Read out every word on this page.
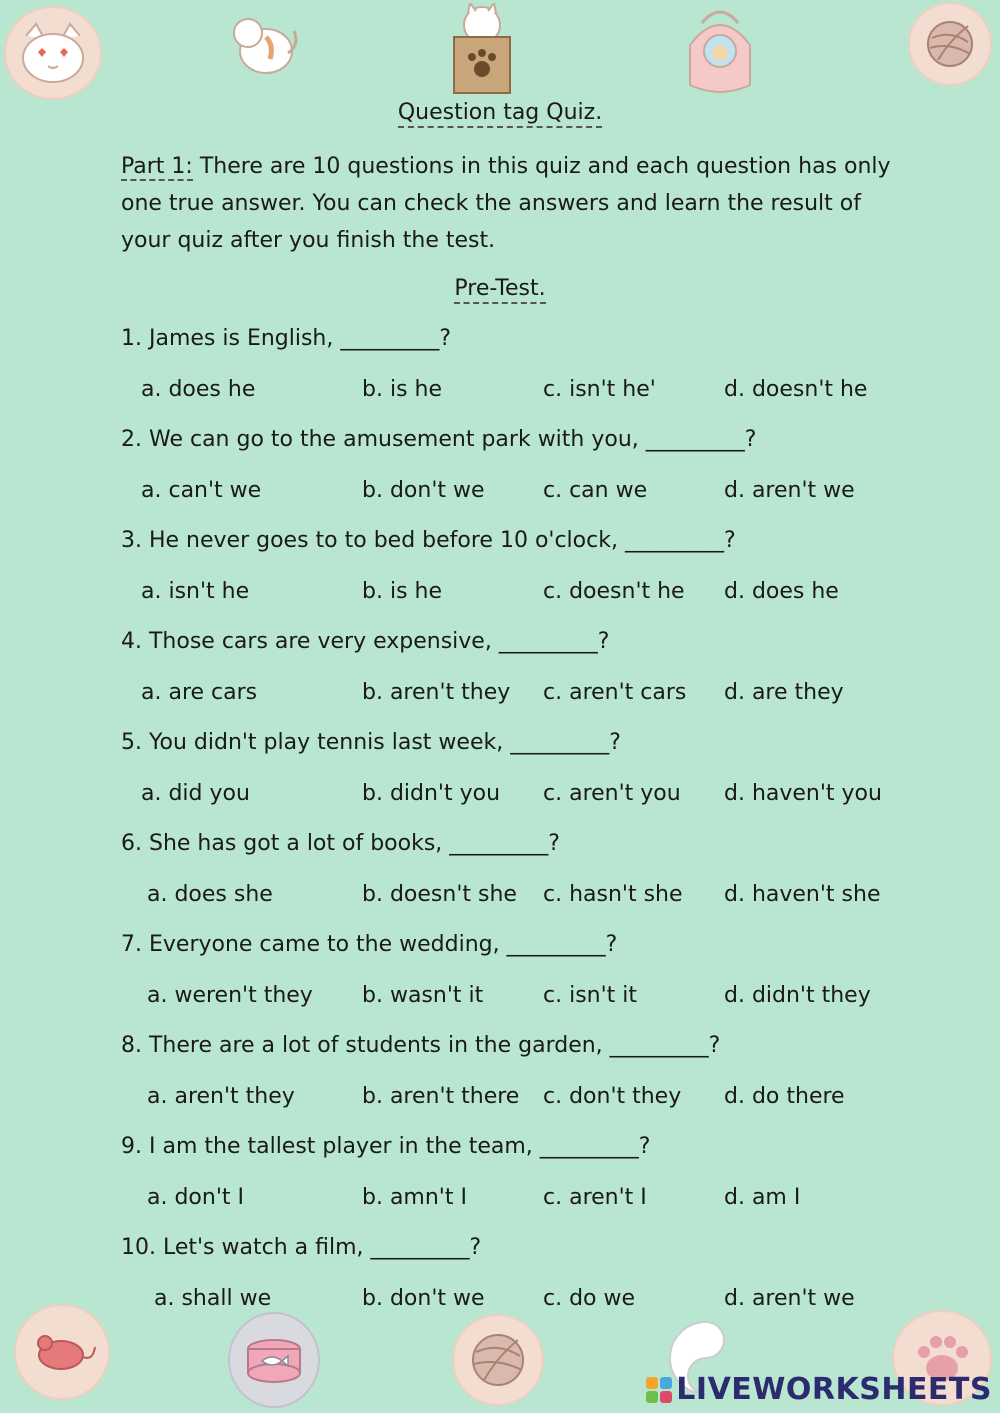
Question tag Quiz.
Part 1: There are 10 questions in this quiz and each question has only one true answer. You can check the answers and learn the result of your quiz after you finish the test.
Pre-Test.
1. James is English, _________?
a. does he	b. is he	c. isn't he'	d. doesn't he
2. We can go to the amusement park with you, _________?
a. can't we	b. don't we	c. can we	d. aren't we
3. He never goes to to bed before 10 o'clock, _________?
a. isn't he	b. is he	c. doesn't he d. does he
4. Those cars are very expensive, _________?
a. are cars	b. aren't they c. aren't cars d. are they
5. You didn't play tennis last week, _________?
a. did you	b. didn't you c. aren't you d. haven't you
6. She has got a lot of books, _________?
a. does she	b. doesn't she c. hasn't she d. haven't she
7. Everyone came to the wedding, _________?
a. weren't they b. wasn't it	c. isn't it	d. didn't they
8. There are a lot of students in the garden, _________?
a. aren't they	b. aren't there c. don't they d. do there
9. I am the tallest player in the team, _________?
a. don't I	b. amn't I	c. aren't I	d. am I
10. Let's watch a film, _________?
a. shall we	b. don't we	c. do we	d. aren't we
LIVEWORKSHEETS
